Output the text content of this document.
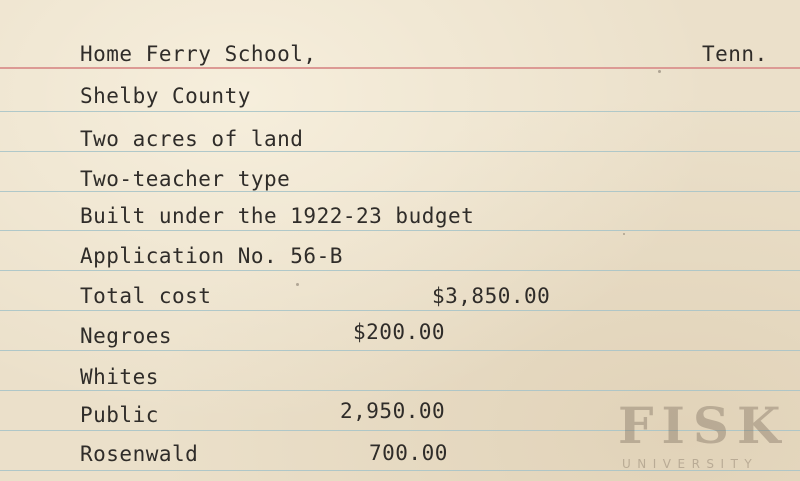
Home Ferry School,	Tenn.
Shelby County
Two acres of land
Two-teacher type
Built under the 1922-23 budget
Application No. 56-B
Total cost	$3,850.00
Negroes	$200.00
Whites
Public	2,950.00
Rosenwald	700.00	FISK
UNIVERSITY
